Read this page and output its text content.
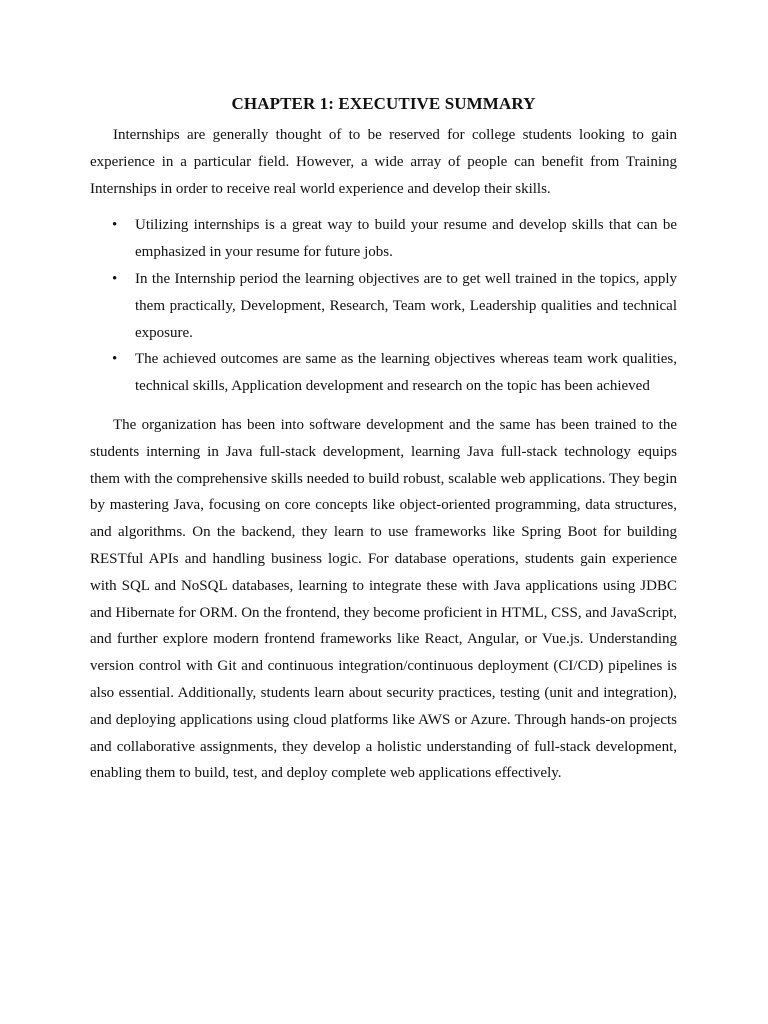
CHAPTER 1: EXECUTIVE SUMMARY

Internships are generally thought of to be reserved for college students looking to gain experience in a particular field. However, a wide array of people can benefit from Training Internships in order to receive real world experience and develop their skills.

• Utilizing internships is a great way to build your resume and develop skills that can be emphasized in your resume for future jobs.
• In the Internship period the learning objectives are to get well trained in the topics, apply them practically, Development, Research, Team work, Leadership qualities and technical exposure.
• The achieved outcomes are same as the learning objectives whereas team work qualities, technical skills, Application development and research on the topic has been achieved

The organization has been into software development and the same has been trained to the students interning in Java full-stack development, learning Java full-stack technology equips them with the comprehensive skills needed to build robust, scalable web applications. They begin by mastering Java, focusing on core concepts like object-oriented programming, data structures, and algorithms. On the backend, they learn to use frameworks like Spring Boot for building RESTful APIs and handling business logic. For database operations, students gain experience with SQL and NoSQL databases, learning to integrate these with Java applications using JDBC and Hibernate for ORM. On the frontend, they become proficient in HTML, CSS, and JavaScript, and further explore modern frontend frameworks like React, Angular, or Vue.js. Understanding version control with Git and continuous integration/continuous deployment (CI/CD) pipelines is also essential. Additionally, students learn about security practices, testing (unit and integration), and deploying applications using cloud platforms like AWS or Azure. Through hands-on projects and collaborative assignments, they develop a holistic understanding of full-stack development, enabling them to build, test, and deploy complete web applications effectively.
